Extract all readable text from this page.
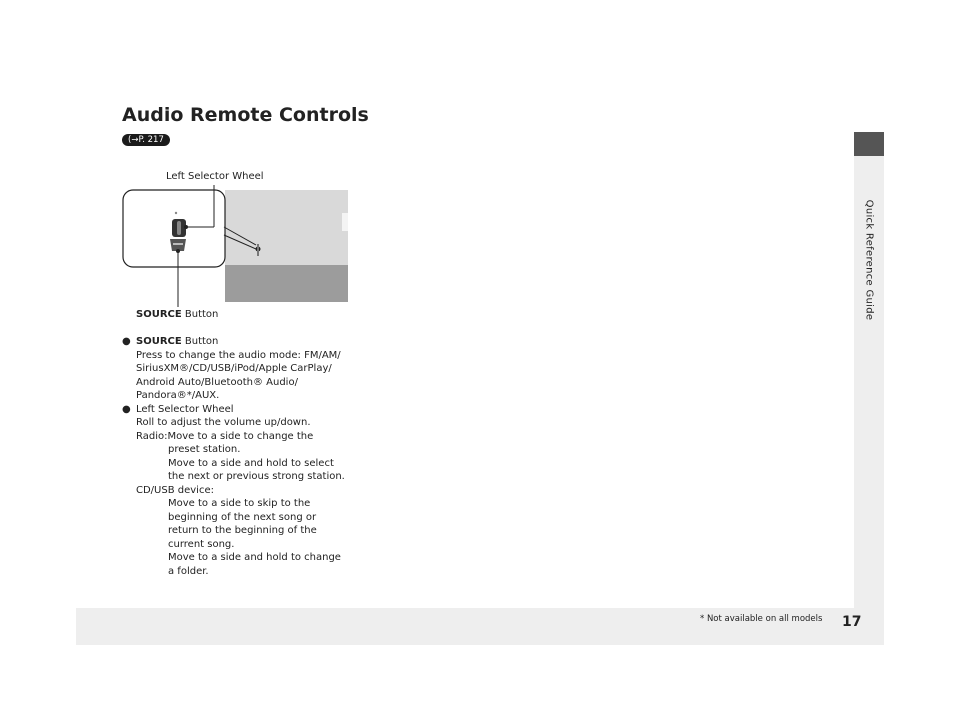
Quick Reference Guide
Audio Remote Controls
(→P. 217
Left Selector Wheel
SOURCE Button
● SOURCE Button
Press to change the audio mode: FM/AM/
SiriusXM®/CD/USB/iPod/Apple CarPlay/
Android Auto/Bluetooth® Audio/
Pandora®*/AUX.
● Left Selector Wheel
Roll to adjust the volume up/down.
Radio: Move to a side to change the
preset station.
Move to a side and hold to select
the next or previous strong station.
CD/USB device:
Move to a side to skip to the
beginning of the next song or
return to the beginning of the
current song.
Move to a side and hold to change
a folder.
* Not available on all models 17
